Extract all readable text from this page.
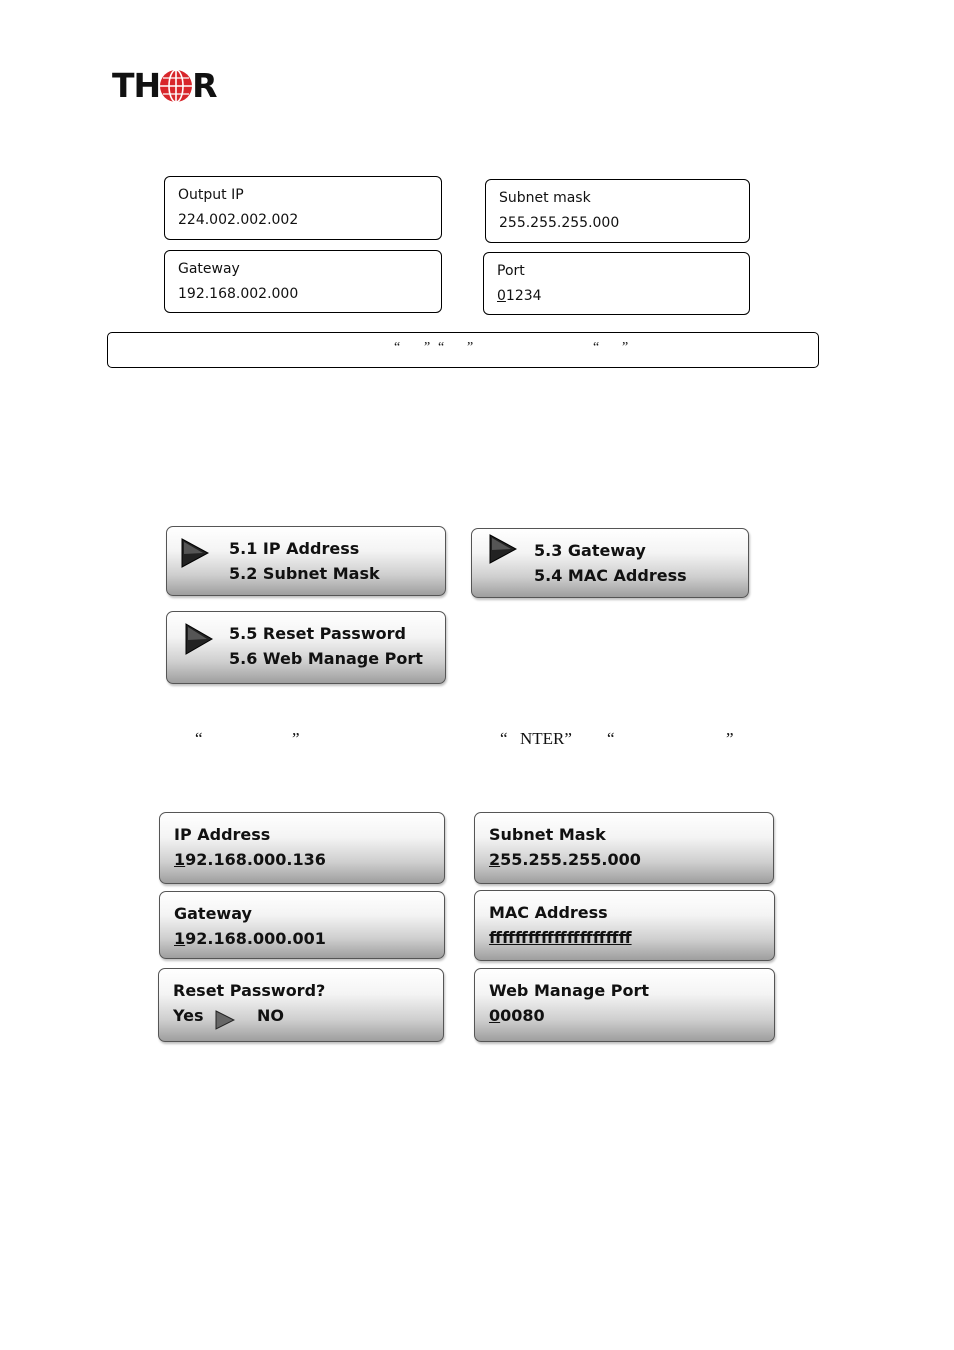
TH R
Output IP
224.002.002.002
Subnet mask
255.255.255.000
Gateway
192.168.002.000
Port
01234
“ ” “ ”	“ ”
5.1 IP Address
5.2 Subnet Mask
5.3 Gateway
5.4 MAC Address
5.5 Reset Password
5.6 Web Manage Port
“	”	“ NTER” “	”
IP Address
192.168.000.136
Subnet Mask
255.255.255.000
Gateway
192.168.000.001
MAC Address
ffffffffffffffffffffff
Reset Password?
Yes	NO
Web Manage Port
00080
